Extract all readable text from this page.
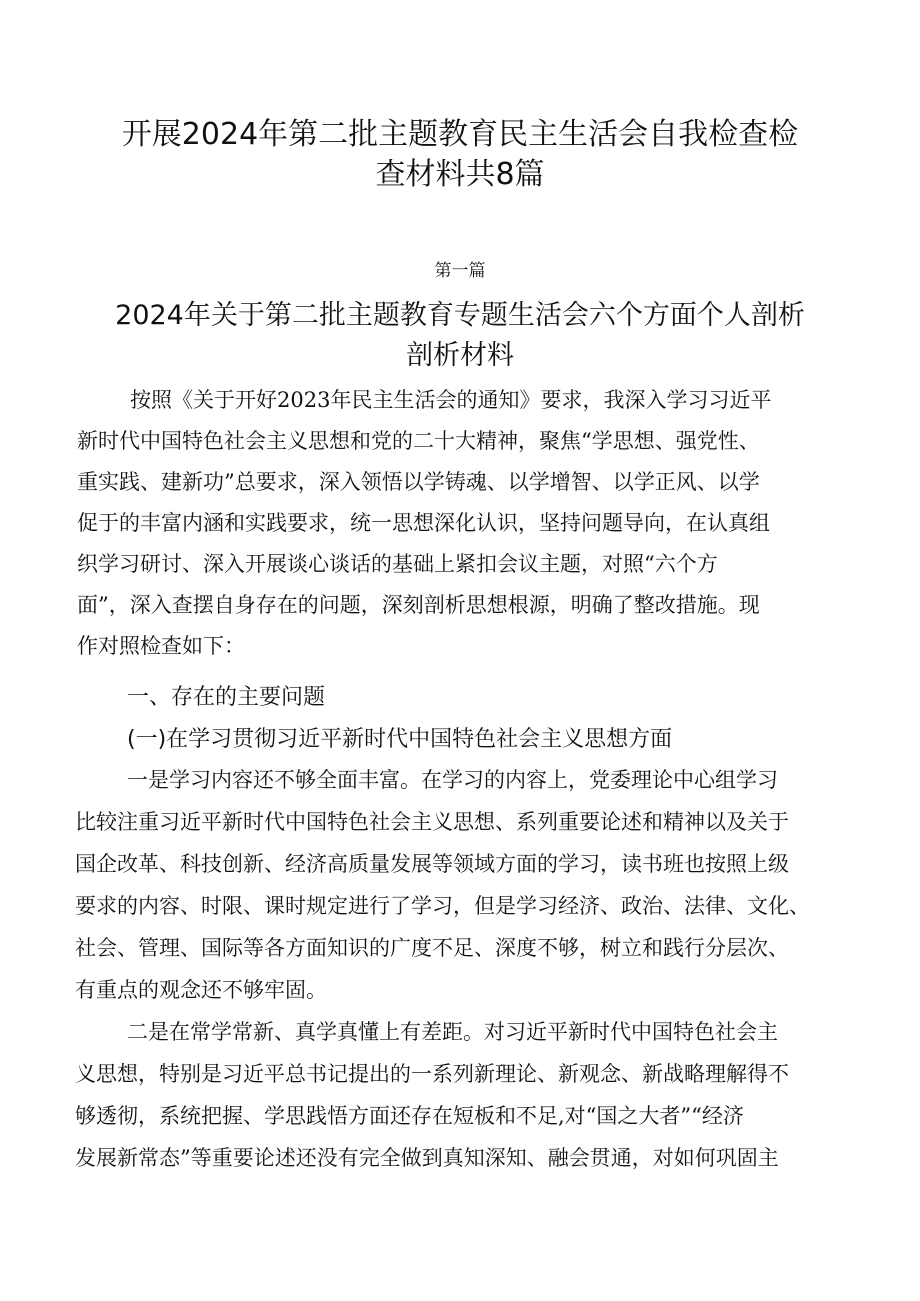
开展2024年第二批主题教育民主生活会自我检查检
查材料共8篇
第一篇
2024年关于第二批主题教育专题生活会六个方面个人剖析
剖析材料
按照《关于开好2023年民主生活会的通知》要求，我深入学习习近平
新时代中国特色社会主义思想和党的二十大精神，聚焦“学思想、强党性、
重实践、建新功”总要求，深入领悟以学铸魂、以学增智、以学正风、以学
促于的丰富内涵和实践要求，统一思想深化认识，坚持问题导向，在认真组
织学习研讨、深入开展谈心谈话的基础上紧扣会议主题，对照“六个方
面”，深入查摆自身存在的问题，深刻剖析思想根源，明确了整改措施。现
作对照检查如下：
一、存在的主要问题
(一)在学习贯彻习近平新时代中国特色社会主义思想方面
一是学习内容还不够全面丰富。在学习的内容上，党委理论中心组学习
比较注重习近平新时代中国特色社会主义思想、系列重要论述和精神以及关于
国企改革、科技创新、经济高质量发展等领域方面的学习，读书班也按照上级
要求的内容、时限、课时规定进行了学习，但是学习经济、政治、法律、文化、
社会、管理、国际等各方面知识的广度不足、深度不够，树立和践行分层次、
有重点的观念还不够牢固。
二是在常学常新、真学真懂上有差距。对习近平新时代中国特色社会主
义思想，特别是习近平总书记提出的一系列新理论、新观念、新战略理解得不
够透彻，系统把握、学思践悟方面还存在短板和不足,对“国之大者”“经济
发展新常态”等重要论述还没有完全做到真知深知、融会贯通，对如何巩固主
